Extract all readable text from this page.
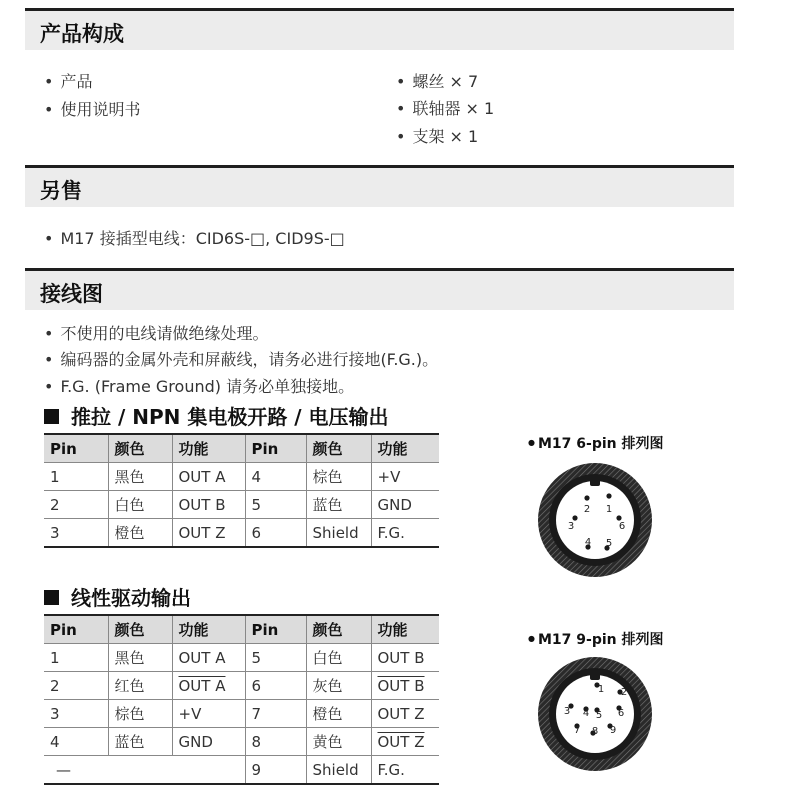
产品构成
• 产品
• 使用说明书
• 螺丝 × 7
• 联轴器 × 1
• 支架 × 1
另售
• M17 接插型电线：CID6S-□, CID9S-□
接线图
• 不使用的电线请做绝缘处理。
• 编码器的金属外壳和屏蔽线，请务必进行接地(F.G.)。
• F.G. (Frame Ground) 请务必单独接地。
推拉 / NPN 集电极开路 / 电压输出
Pin	颜色	功能	Pin	颜色	功能
1	黑色	OUT A	4	棕色	+V
2	白色	OUT B	5	蓝色	GND
3	橙色	OUT Z	6	Shield	F.G.
线性驱动输出
Pin	颜色	功能	Pin	颜色	功能
1	黑色	OUT A	5	白色	OUT B
2	红色	OUT A	6	灰色	OUT B
3	棕色	+V	7	橙色	OUT Z
4	蓝色	GND	8	黄色	OUT Z
—			9	Shield	F.G.
● M17 6-pin 排列图
1
2
3
4 5
6
● M17 9-pin 排列图
1 2
3 4 5 6
7 8 9
